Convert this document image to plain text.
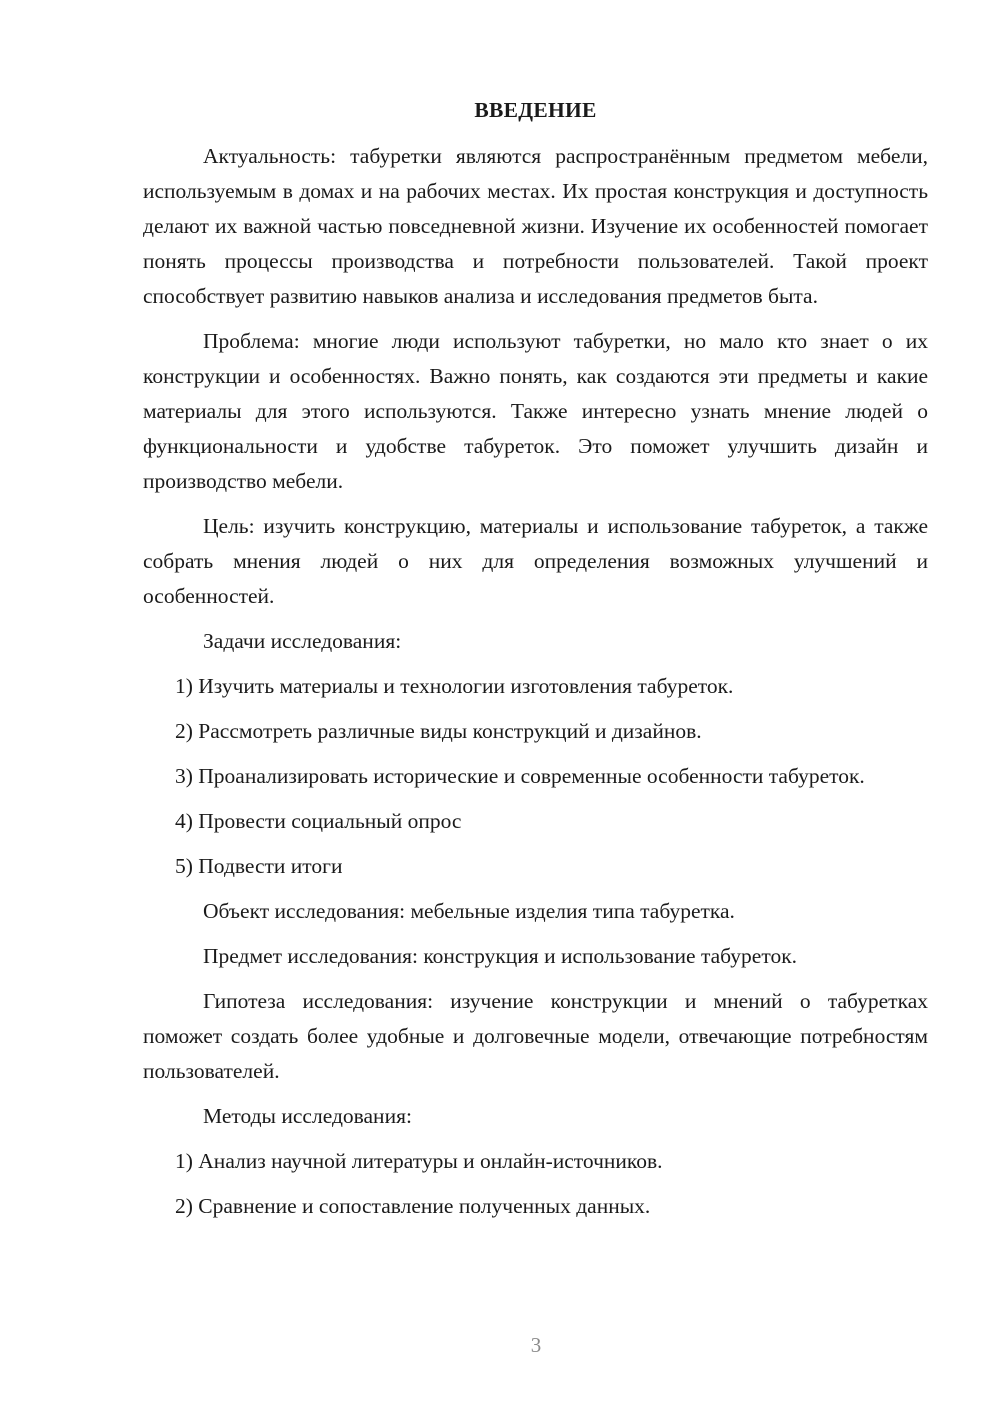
ВВЕДЕНИЕ

Актуальность: табуретки являются распространённым предметом мебели, используемым в домах и на рабочих местах. Их простая конструкция и доступность делают их важной частью повседневной жизни. Изучение их особенностей помогает понять процессы производства и потребности пользователей. Такой проект способствует развитию навыков анализа и исследования предметов быта.

Проблема: многие люди используют табуретки, но мало кто знает о их конструкции и особенностях. Важно понять, как создаются эти предметы и какие материалы для этого используются. Также интересно узнать мнение людей о функциональности и удобстве табуреток. Это поможет улучшить дизайн и производство мебели.

Цель: изучить конструкцию, материалы и использование табуреток, а также собрать мнения людей о них для определения возможных улучшений и особенностей.

Задачи исследования:

1) Изучить материалы и технологии изготовления табуреток.

2) Рассмотреть различные виды конструкций и дизайнов.

3) Проанализировать исторические и современные особенности табуреток.

4) Провести социальный опрос

5) Подвести итоги

Объект исследования: мебельные изделия типа табуретка.

Предмет исследования: конструкция и использование табуреток.

Гипотеза исследования: изучение конструкции и мнений о табуретках поможет создать более удобные и долговечные модели, отвечающие потребностям пользователей.

Методы исследования:

1) Анализ научной литературы и онлайн-источников.

2) Сравнение и сопоставление полученных данных.

3
